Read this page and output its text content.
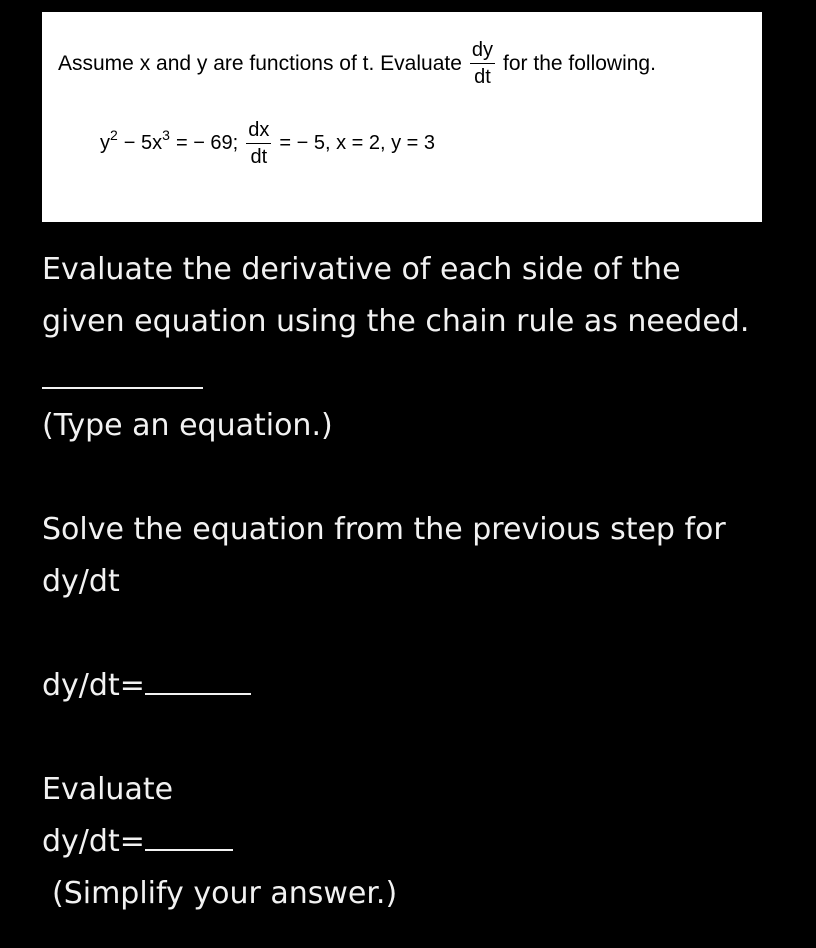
Assume x and y are functions of t. Evaluate $\frac{dy}{dt}$ for the following.
$y^2 - 5x^3$ = − 69; $\frac{dx}{dt}$ = − 5, x = 2, y = 3
Evaluate the derivative of each side of the
given equation using the chain rule as needed.
(Type an equation.)
Solve the equation from the previous step for
dy/dt
dy/dt=
Evaluate
dy/dt=
(Simplify your answer.)
